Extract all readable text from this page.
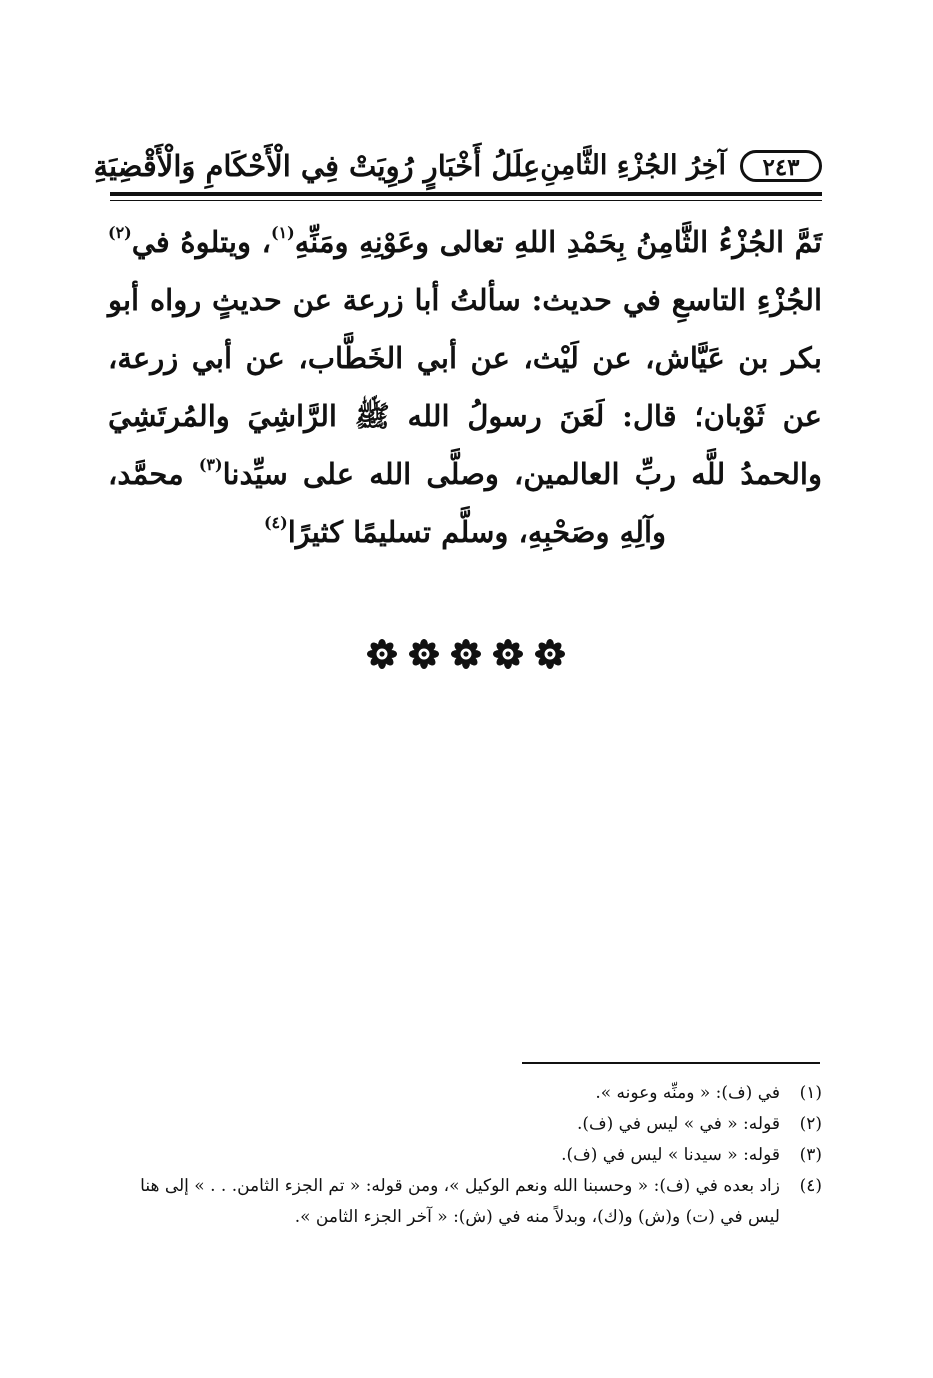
٢٤٣
آخِرُ الجُزْءِ الثَّامِنِ
عِلَلُ أَخْبَارٍ رُوِيَتْ فِي الْأَحْكَامِ وَالْأَقْضِيَةِ
تَمَّ الجُزْءُ الثَّامِنُ بِحَمْدِ اللهِ تعالى وعَوْنِهِ ومَنِّهِ$^{(١)}$، ويتلوهُ في$^{(٢)}$ الجُزْءِ التاسعِ في حديث: سألتُ أبا زرعة عن حديثٍ رواه أبو بكر بن عَيَّاش، عن لَيْث، عن أبي الخَطَّاب، عن أبي زرعة، عن ثَوْبان؛ قال: لَعَنَ رسولُ الله ﷺ الرَّاشِيَ والمُرتَشِيَ والحمدُ للَّه ربِّ العالمين، وصلَّى الله على سيِّدنا$^{(٣)}$ محمَّد، وآلِهِ وصَحْبِهِ، وسلَّم تسليمًا كثيرًا$^{(٤)}$
(١)
في (ف): « ومنِّه وعونه ».
(٢)
قوله: « في » ليس في (ف).
(٣)
قوله: « سيدنا » ليس في (ف).
(٤)
زاد بعده في (ف): « وحسبنا الله ونعم الوكيل »، ومن قوله: « تم الجزء الثامن. . . » إلى هنا ليس في (ت) و(ش) و(ك)، وبدلاً منه في (ش): « آخر الجزء الثامن ».
